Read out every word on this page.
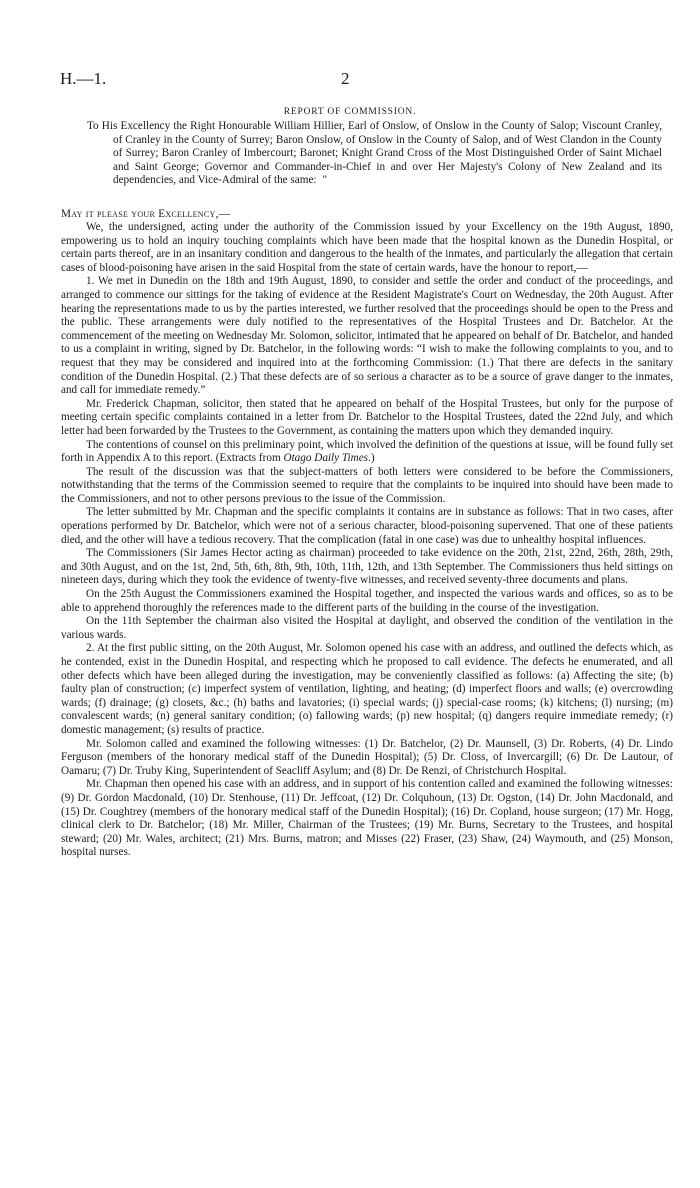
H.—1.	2
REPORT OF COMMISSION.
To His Excellency the Right Honourable William Hillier, Earl of Onslow, of Onslow in the County of Salop; Viscount Cranley, of Cranley in the County of Surrey; Baron Onslow, of Onslow in the County of Salop, and of West Clandon in the County of Surrey; Baron Cranley of Imbercourt; Baronet; Knight Grand Cross of the Most Distinguished Order of Saint Michael and Saint George; Governor and Commander-in-Chief in and over Her Majesty's Colony of New Zealand and its dependencies, and Vice-Admiral of the same: "
May it please your Excellency,—

We, the undersigned, acting under the authority of the Commission issued by your Excellency on the 19th August, 1890, empowering us to hold an inquiry touching complaints which have been made that the hospital known as the Dunedin Hospital, or certain parts thereof, are in an insanitary condition and dangerous to the health of the inmates, and particularly the allegation that certain cases of blood-poisoning have arisen in the said Hospital from the state of certain wards, have the honour to report,—

1. We met in Dunedin on the 18th and 19th August, 1890, to consider and settle the order and conduct of the proceedings, and arranged to commence our sittings for the taking of evidence at the Resident Magistrate's Court on Wednesday, the 20th August. After hearing the representations made to us by the parties interested, we further resolved that the proceedings should be open to the Press and the public. These arrangements were duly notified to the representatives of the Hospital Trustees and Dr. Batchelor. At the commencement of the meeting on Wednesday Mr. Solomon, solicitor, intimated that he appeared on behalf of Dr. Batchelor, and handed to us a complaint in writing, signed by Dr. Batchelor, in the following words: “I wish to make the following complaints to you, and to request that they may be considered and inquired into at the forthcoming Commission: (1.) That there are defects in the sanitary condition of the Dunedin Hospital. (2.) That these defects are of so serious a character as to be a source of grave danger to the inmates, and call for immediate remedy.”

Mr. Frederick Chapman, solicitor, then stated that he appeared on behalf of the Hospital Trustees, but only for the purpose of meeting certain specific complaints contained in a letter from Dr. Batchelor to the Hospital Trustees, dated the 22nd July, and which letter had been forwarded by the Trustees to the Government, as containing the matters upon which they demanded inquiry.

The contentions of counsel on this preliminary point, which involved the definition of the questions at issue, will be found fully set forth in Appendix A to this report. (Extracts from Otago Daily Times.)

The result of the discussion was that the subject-matters of both letters were considered to be before the Commissioners, notwithstanding that the terms of the Commission seemed to require that the complaints to be inquired into should have been made to the Commissioners, and not to other persons previous to the issue of the Commission.

The letter submitted by Mr. Chapman and the specific complaints it contains are in substance as follows: That in two cases, after operations performed by Dr. Batchelor, which were not of a serious character, blood-poisoning supervened. That one of these patients died, and the other will have a tedious recovery. That the complication (fatal in one case) was due to unhealthy hospital influences.

The Commissioners (Sir James Hector acting as chairman) proceeded to take evidence on the 20th, 21st, 22nd, 26th, 28th, 29th, and 30th August, and on the 1st, 2nd, 5th, 6th, 8th, 9th, 10th, 11th, 12th, and 13th September. The Commissioners thus held sittings on nineteen days, during which they took the evidence of twenty-five witnesses, and received seventy-three documents and plans.

On the 25th August the Commissioners examined the Hospital together, and inspected the various wards and offices, so as to be able to apprehend thoroughly the references made to the different parts of the building in the course of the investigation.

On the 11th September the chairman also visited the Hospital at daylight, and observed the condition of the ventilation in the various wards.

2. At the first public sitting, on the 20th August, Mr. Solomon opened his case with an address, and outlined the defects which, as he contended, exist in the Dunedin Hospital, and respecting which he proposed to call evidence. The defects he enumerated, and all other defects which have been alleged during the investigation, may be conveniently classified as follows: (a) Affecting the site; (b) faulty plan of construction; (c) imperfect system of ventilation, lighting, and heating; (d) imperfect floors and walls; (e) overcrowding wards; (f) drainage; (g) closets, &c.; (h) baths and lavatories; (i) special wards; (j) special-case rooms; (k) kitchens; (l) nursing; (m) convalescent wards; (n) general sanitary condition; (o) fallowing wards; (p) new hospital; (q) dangers require immediate remedy; (r) domestic management; (s) results of practice.

Mr. Solomon called and examined the following witnesses: (1) Dr. Batchelor, (2) Dr. Maunsell, (3) Dr. Roberts, (4) Dr. Lindo Ferguson (members of the honorary medical staff of the Dunedin Hospital); (5) Dr. Closs, of Invercargill; (6) Dr. De Lautour, of Oamaru; (7) Dr. Truby King, Superintendent of Seacliff Asylum; and (8) Dr. De Renzi, of Christchurch Hospital.

Mr. Chapman then opened his case with an address, and in support of his contention called and examined the following witnesses: (9) Dr. Gordon Macdonald, (10) Dr. Stenhouse, (11) Dr. Jeffcoat, (12) Dr. Colquhoun, (13) Dr. Ogston, (14) Dr. John Macdonald, and (15) Dr. Coughtrey (members of the honorary medical staff of the Dunedin Hospital); (16) Dr. Copland, house surgeon; (17) Mr. Hogg, clinical clerk to Dr. Batchelor; (18) Mr. Miller, Chairman of the Trustees; (19) Mr. Burns, Secretary to the Trustees, and hospital steward; (20) Mr. Wales, architect; (21) Mrs. Burns, matron; and Misses (22) Fraser, (23) Shaw, (24) Waymouth, and (25) Monson, hospital nurses.
